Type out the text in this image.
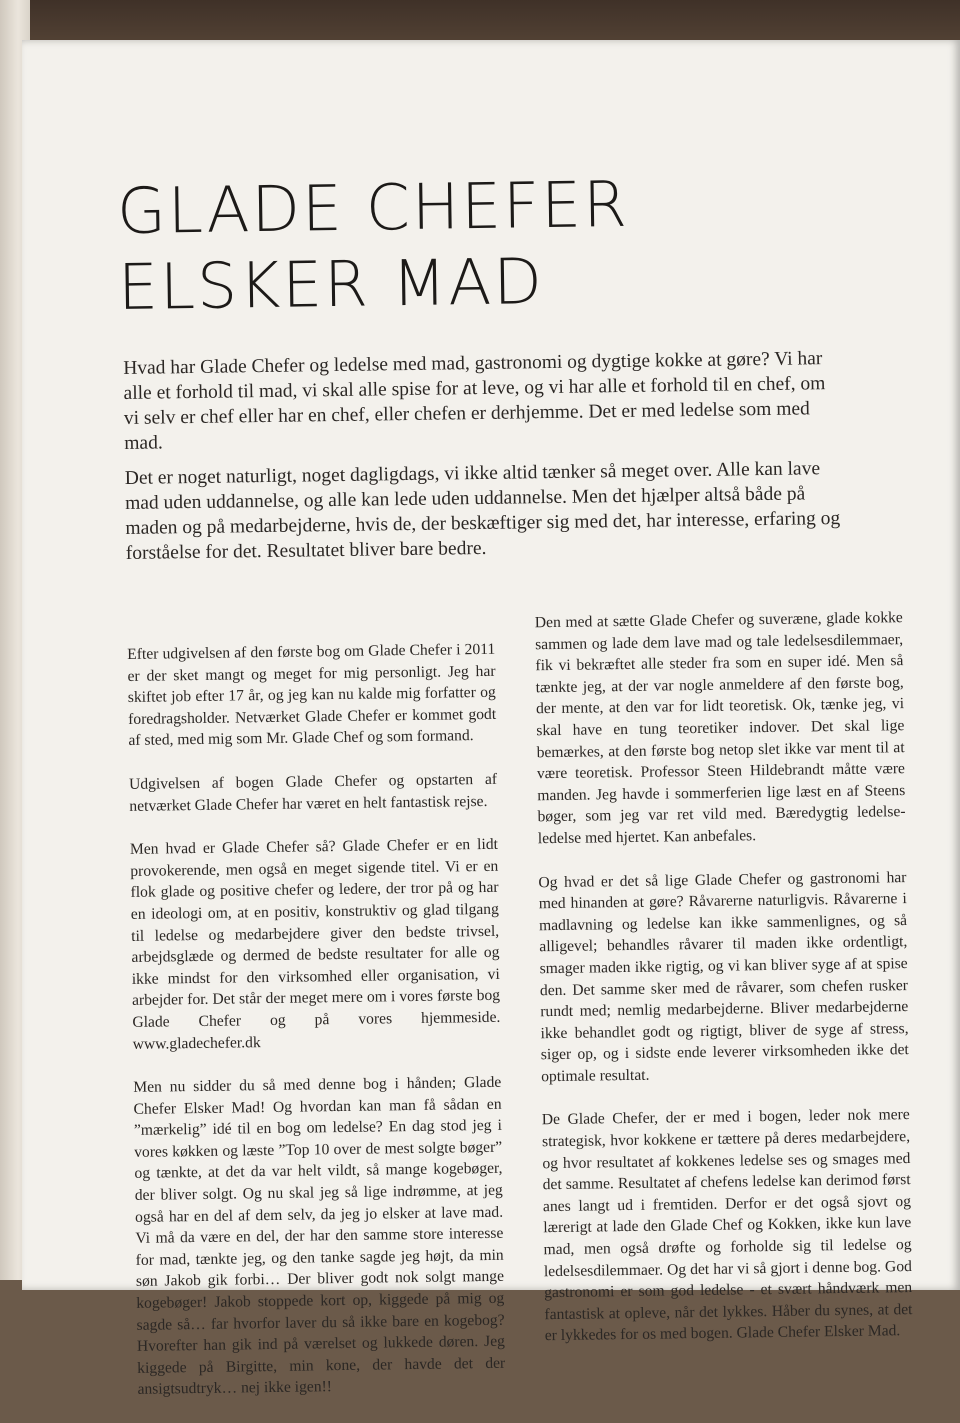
GLADE CHEFER
ELSKER MAD

Hvad har Glade Chefer og ledelse med mad, gastronomi og dygtige kokke at gøre? Vi har alle et forhold til mad, vi skal alle spise for at leve, og vi har alle et forhold til en chef, om vi selv er chef eller har en chef, eller chefen er derhjemme. Det er med ledelse som med mad.

Det er noget naturligt, noget dagligdags, vi ikke altid tænker så meget over. Alle kan lave mad uden uddannelse, og alle kan lede uden uddannelse. Men det hjælper altså både på maden og på medarbejderne, hvis de, der beskæftiger sig med det, har interesse, erfaring og forståelse for det. Resultatet bliver bare bedre.

Efter udgivelsen af den første bog om Glade Chefer i 2011 er der sket mangt og meget for mig personligt. Jeg har skiftet job efter 17 år, og jeg kan nu kalde mig forfatter og foredragsholder. Netværket Glade Chefer er kommet godt af sted, med mig som Mr. Glade Chef og som formand.

Udgivelsen af bogen Glade Chefer og opstarten af netværket Glade Chefer har været en helt fantastisk rejse.

Men hvad er Glade Chefer så? Glade Chefer er en lidt provokerende, men også en meget sigende titel. Vi er en flok glade og positive chefer og ledere, der tror på og har en ideologi om, at en positiv, konstruktiv og glad tilgang til ledelse og medarbejdere giver den bedste trivsel, arbejdsglæde og dermed de bedste resultater for alle og ikke mindst for den virksomhed eller organisation, vi arbejder for. Det står der meget mere om i vores første bog Glade Chefer og på vores hjemmeside. www.gladechefer.dk

Men nu sidder du så med denne bog i hånden; Glade Chefer Elsker Mad! Og hvordan kan man få sådan en ”mærkelig” idé til en bog om ledelse? En dag stod jeg i vores køkken og læste ”Top 10 over de mest solgte bøger” og tænkte, at det da var helt vildt, så mange kogebøger, der bliver solgt. Og nu skal jeg så lige indrømme, at jeg også har en del af dem selv, da jeg jo elsker at lave mad. Vi må da være en del, der har den samme store interesse for mad, tænkte jeg, og den tanke sagde jeg højt, da min søn Jakob gik forbi… Der bliver godt nok solgt mange kogebøger! Jakob stoppede kort op, kiggede på mig og sagde så… far hvorfor laver du så ikke bare en kogebog? Hvorefter han gik ind på værelset og lukkede døren. Jeg kiggede på Birgitte, min kone, der havde det der ansigtsudtryk… nej ikke igen!!

Den med at sætte Glade Chefer og suveræne, glade kokke sammen og lade dem lave mad og tale ledelsesdilemmaer, fik vi bekræftet alle steder fra som en super idé. Men så tænkte jeg, at der var nogle anmeldere af den første bog, der mente, at den var for lidt teoretisk. Ok, tænke jeg, vi skal have en tung teoretiker indover. Det skal lige bemærkes, at den første bog netop slet ikke var ment til at være teoretisk. Professor Steen Hildebrandt måtte være manden. Jeg havde i sommerferien lige læst en af Steens bøger, som jeg var ret vild med. Bæredygtig ledelse-ledelse med hjertet. Kan anbefales.

Og hvad er det så lige Glade Chefer og gastronomi har med hinanden at gøre? Råvarerne naturligvis. Råvarerne i madlavning og ledelse kan ikke sammenlignes, og så alligevel; behandles råvarer til maden ikke ordentligt, smager maden ikke rigtig, og vi kan bliver syge af at spise den. Det samme sker med de råvarer, som chefen rusker rundt med; nemlig medarbejderne. Bliver medarbejderne ikke behandlet godt og rigtigt, bliver de syge af stress, siger op, og i sidste ende leverer virksomheden ikke det optimale resultat.

De Glade Chefer, der er med i bogen, leder nok mere strategisk, hvor kokkene er tættere på deres medarbejdere, og hvor resultatet af kokkenes ledelse ses og smages med det samme. Resultatet af chefens ledelse kan derimod først anes langt ud i fremtiden. Derfor er det også sjovt og lærerigt at lade den Glade Chef og Kokken, ikke kun lave mad, men også drøfte og forholde sig til ledelse og ledelsesdilemmaer. Og det har vi så gjort i denne bog. God gastronomi er som god ledelse - et svært håndværk men fantastisk at opleve, når det lykkes. Håber du synes, at det er lykkedes for os med bogen. Glade Chefer Elsker Mad.
